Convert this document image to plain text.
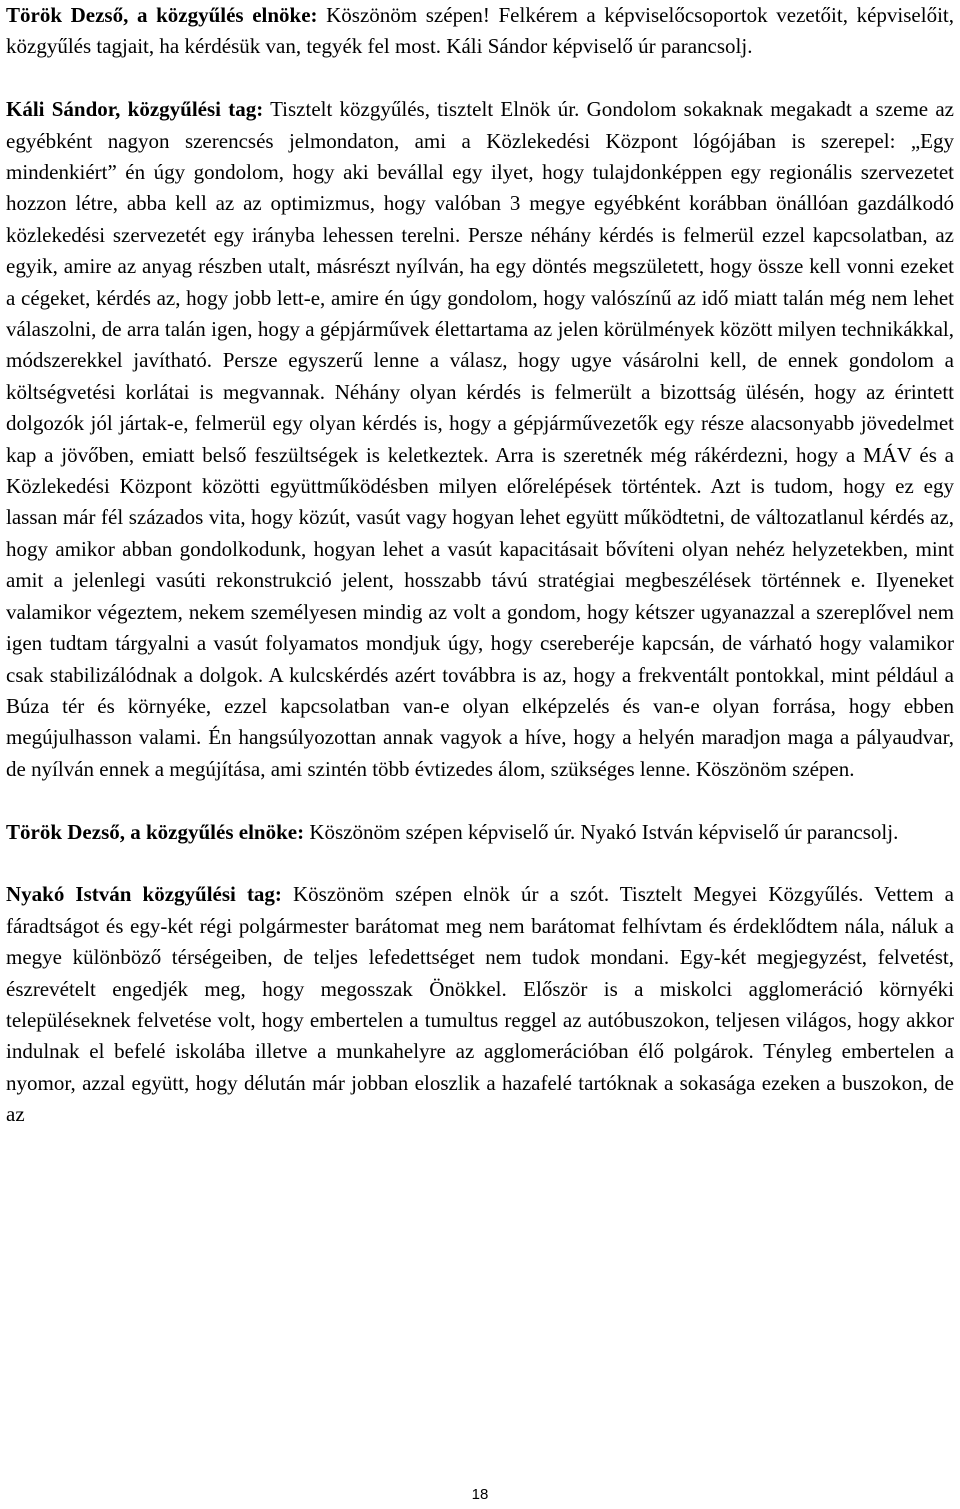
Török Dezső, a közgyűlés elnöke: Köszönöm szépen! Felkérem a képviselőcsoportok vezetőit, képviselőit, közgyűlés tagjait, ha kérdésük van, tegyék fel most. Káli Sándor képviselő úr parancsolj.

Káli Sándor, közgyűlési tag: Tisztelt közgyűlés, tisztelt Elnök úr. Gondolom sokaknak megakadt a szeme az egyébként nagyon szerencsés jelmondaton, ami a Közlekedési Központ lógójában is szerepel: „Egy mindenkiért” én úgy gondolom, hogy aki bevállal egy ilyet, hogy tulajdonképpen egy regionális szervezetet hozzon létre, abba kell az az optimizmus, hogy valóban 3 megye egyébként korábban önállóan gazdálkodó közlekedési szervezetét egy irányba lehessen terelni. Persze néhány kérdés is felmerül ezzel kapcsolatban, az egyik, amire az anyag részben utalt, másrészt nyílván, ha egy döntés megszületett, hogy össze kell vonni ezeket a cégeket, kérdés az, hogy jobb lett-e, amire én úgy gondolom, hogy valószínű az idő miatt talán még nem lehet válaszolni, de arra talán igen, hogy a gépjárművek élettartama az jelen körülmények között milyen technikákkal, módszerekkel javítható. Persze egyszerű lenne a válasz, hogy ugye vásárolni kell, de ennek gondolom a költségvetési korlátai is megvannak. Néhány olyan kérdés is felmerült a bizottság ülésén, hogy az érintett dolgozók jól jártak-e, felmerül egy olyan kérdés is, hogy a gépjárművezetők egy része alacsonyabb jövedelmet kap a jövőben, emiatt belső feszültségek is keletkeztek. Arra is szeretnék még rákérdezni, hogy a MÁV és a Közlekedési Központ közötti együttműködésben milyen előrelépések történtek. Azt is tudom, hogy ez egy lassan már fél százados vita, hogy közút, vasút vagy hogyan lehet együtt működtetni, de változatlanul kérdés az, hogy amikor abban gondolkodunk, hogyan lehet a vasút kapacitásait bővíteni olyan nehéz helyzetekben, mint amit a jelenlegi vasúti rekonstrukció jelent, hosszabb távú stratégiai megbeszélések történnek e. Ilyeneket valamikor végeztem, nekem személyesen mindig az volt a gondom, hogy kétszer ugyanazzal a szereplővel nem igen tudtam tárgyalni a vasút folyamatos mondjuk úgy, hogy csereberéje kapcsán, de várható hogy valamikor csak stabilizálódnak a dolgok. A kulcskérdés azért továbbra is az, hogy a frekventált pontokkal, mint például a Búza tér és környéke, ezzel kapcsolatban van-e olyan elképzelés és van-e olyan forrása, hogy ebben megújulhasson valami. Én hangsúlyozottan annak vagyok a híve, hogy a helyén maradjon maga a pályaudvar, de nyílván ennek a megújítása, ami szintén több évtizedes álom, szükséges lenne. Köszönöm szépen.

Török Dezső, a közgyűlés elnöke: Köszönöm szépen képviselő úr. Nyakó István képviselő úr parancsolj.

Nyakó István közgyűlési tag: Köszönöm szépen elnök úr a szót. Tisztelt Megyei Közgyűlés. Vettem a fáradtságot és egy-két régi polgármester barátomat meg nem barátomat felhívtam és érdeklődtem nála, náluk a megye különböző térségeiben, de teljes lefedettséget nem tudok mondani. Egy-két megjegyzést, felvetést, észrevételt engedjék meg, hogy megosszak Önökkel. Először is a miskolci agglomeráció környéki településeknek felvetése volt, hogy embertelen a tumultus reggel az autóbuszokon, teljesen világos, hogy akkor indulnak el befelé iskolába illetve a munkahelyre az agglomerációban élő polgárok. Tényleg embertelen a nyomor, azzal együtt, hogy délután már jobban eloszlik a hazafelé tartóknak a sokasága ezeken a buszokon, de az

18
